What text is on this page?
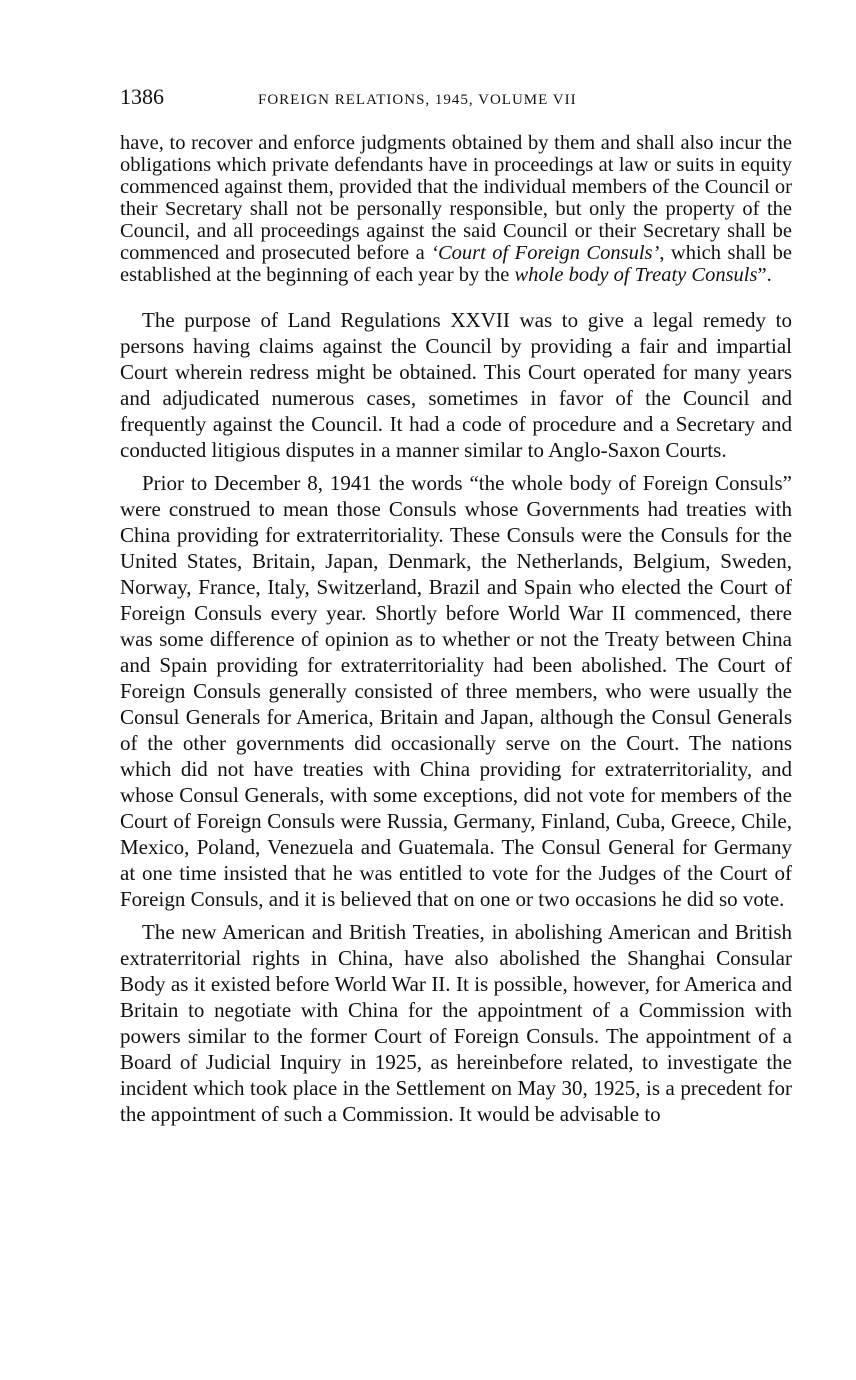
1386	FOREIGN RELATIONS, 1945, VOLUME VII
have, to recover and enforce judgments obtained by them and shall also incur the obligations which private defendants have in proceedings at law or suits in equity commenced against them, provided that the individual members of the Council or their Secretary shall not be personally responsible, but only the property of the Council, and all proceedings against the said Council or their Secretary shall be commenced and prosecuted before a ‘Court of Foreign Consuls’, which shall be established at the beginning of each year by the whole body of Treaty Consuls”.

The purpose of Land Regulations XXVII was to give a legal remedy to persons having claims against the Council by providing a fair and impartial Court wherein redress might be obtained. This Court operated for many years and adjudicated numerous cases, sometimes in favor of the Council and frequently against the Council. It had a code of procedure and a Secretary and conducted litigious disputes in a manner similar to Anglo-Saxon Courts.

Prior to December 8, 1941 the words “the whole body of Foreign Consuls” were construed to mean those Consuls whose Governments had treaties with China providing for extraterritoriality. These Consuls were the Consuls for the United States, Britain, Japan, Denmark, the Netherlands, Belgium, Sweden, Norway, France, Italy, Switzerland, Brazil and Spain who elected the Court of Foreign Consuls every year. Shortly before World War II commenced, there was some difference of opinion as to whether or not the Treaty between China and Spain providing for extraterritoriality had been abolished. The Court of Foreign Consuls generally consisted of three members, who were usually the Consul Generals for America, Britain and Japan, although the Consul Generals of the other governments did occasionally serve on the Court. The nations which did not have treaties with China providing for extraterritoriality, and whose Consul Generals, with some exceptions, did not vote for members of the Court of Foreign Consuls were Russia, Germany, Finland, Cuba, Greece, Chile, Mexico, Poland, Venezuela and Guatemala. The Consul General for Germany at one time insisted that he was entitled to vote for the Judges of the Court of Foreign Consuls, and it is believed that on one or two occasions he did so vote.

The new American and British Treaties, in abolishing American and British extraterritorial rights in China, have also abolished the Shanghai Consular Body as it existed before World War II. It is possible, however, for America and Britain to negotiate with China for the appointment of a Commission with powers similar to the former Court of Foreign Consuls. The appointment of a Board of Judicial Inquiry in 1925, as hereinbefore related, to investigate the incident which took place in the Settlement on May 30, 1925, is a precedent for the appointment of such a Commission. It would be advisable to
